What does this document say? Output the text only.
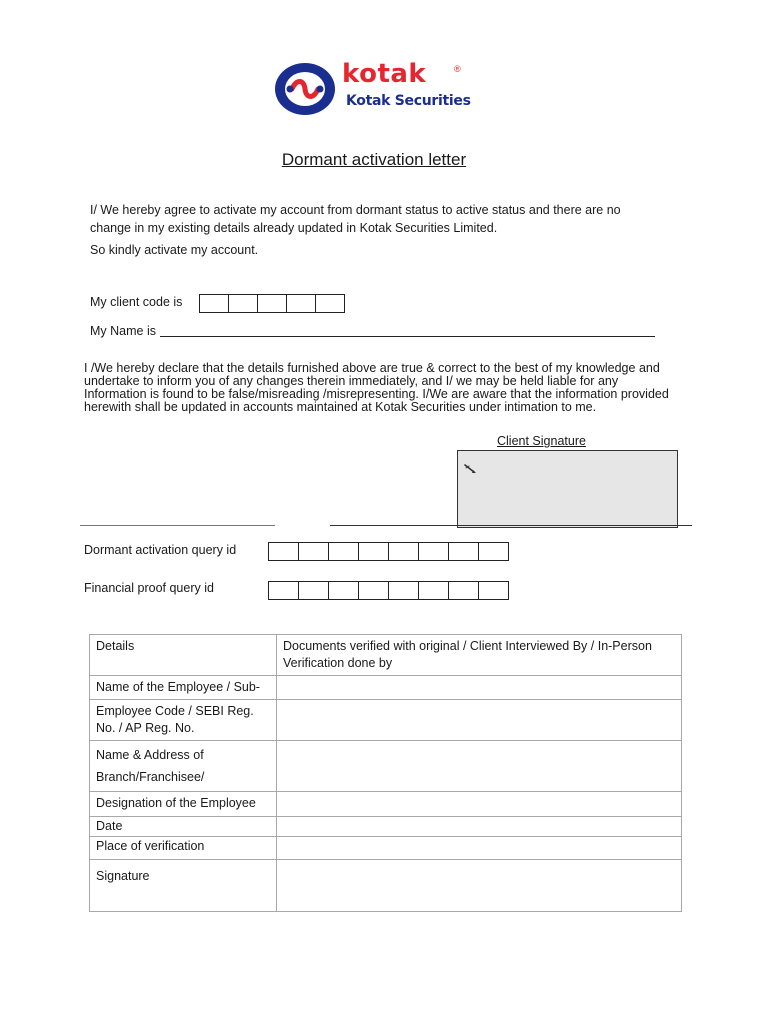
kotak	®
Kotak Securities
Dormant activation letter
I/ We hereby agree to activate my account from dormant status to active status and there are no
change in my existing details already updated in Kotak Securities Limited.
So kindly activate my account.
My client code is
My Name is
I /We hereby declare that the details furnished above are true & correct to the best of my knowledge and undertake to inform you of any changes therein immediately, and I/ we may be held liable for any Information is found to be false/misreading /misrepresenting. I/We are aware that the information provided herewith shall be updated in accounts maintained at Kotak Securities under intimation to me.
Client Signature
Dormant activation query id
Financial proof query id
Details	Documents verified with original / Client Interviewed By / In-Person Verification done by
Name of the Employee / Sub-	
Employee Code / SEBI Reg. No. / AP Reg. No.	
Name & Address of Branch/Franchisee/	
Designation of the Employee	
Date	
Place of verification	
Signature	
